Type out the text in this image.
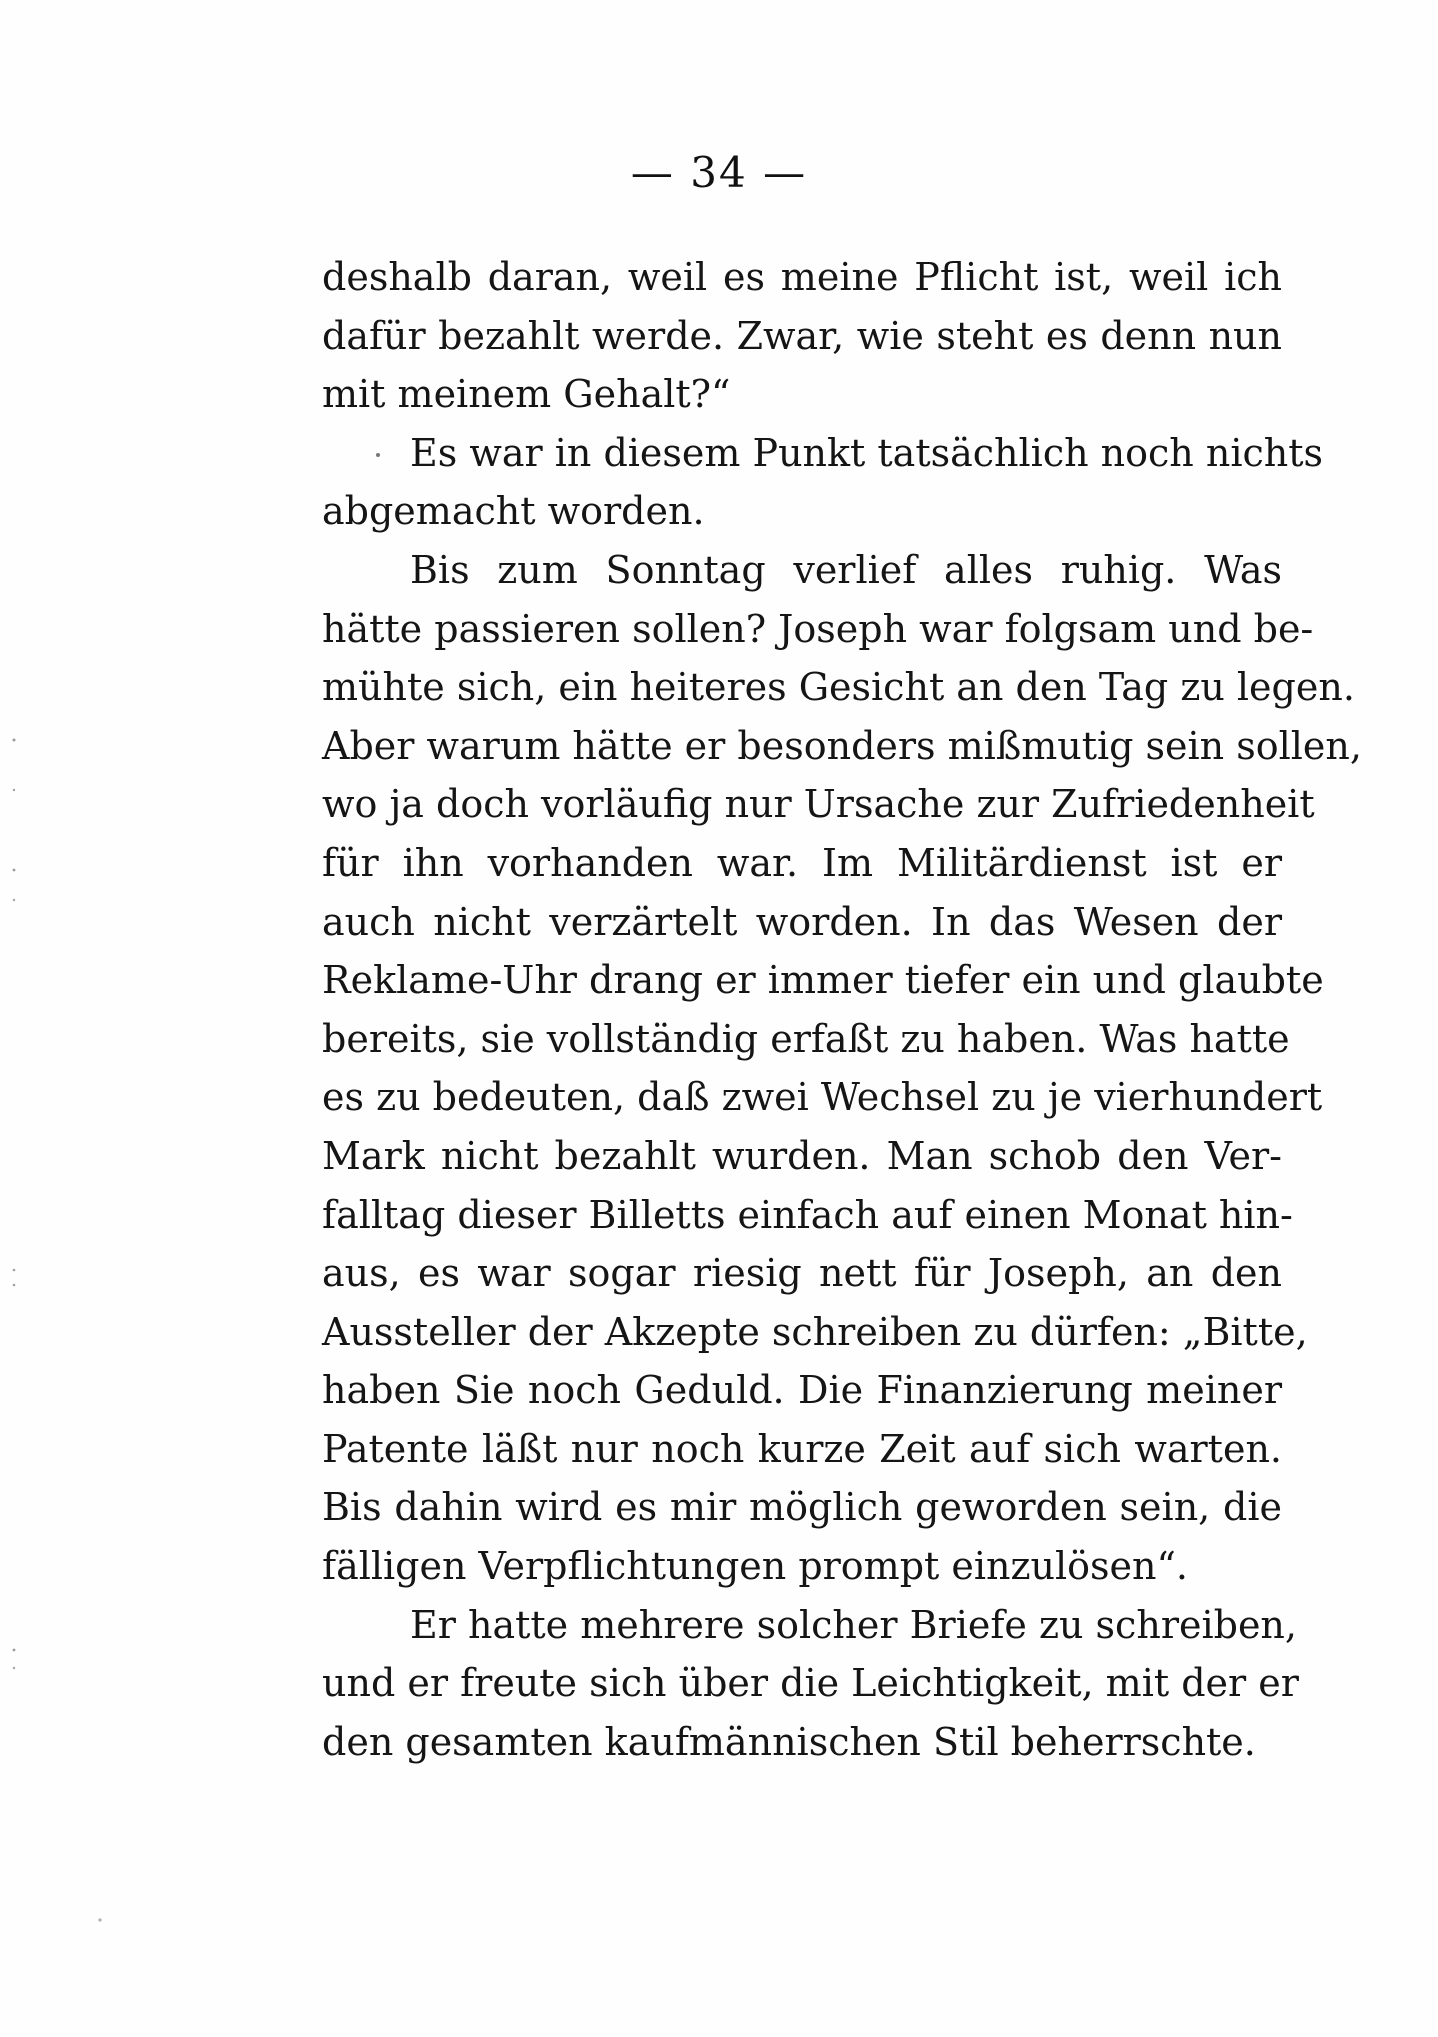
— 34 —
deshalb daran, weil es meine Pflicht ist, weil ich
dafür bezahlt werde. Zwar, wie steht es denn nun
mit meinem Gehalt?“
Es war in diesem Punkt tatsächlich noch nichts
abgemacht worden.
Bis zum Sonntag verlief alles ruhig. Was
hätte passieren sollen? Joseph war folgsam und be-
mühte sich, ein heiteres Gesicht an den Tag zu legen.
Aber warum hätte er besonders mißmutig sein sollen,
wo ja doch vorläufig nur Ursache zur Zufriedenheit
für ihn vorhanden war. Im Militärdienst ist er
auch nicht verzärtelt worden. In das Wesen der
Reklame-Uhr drang er immer tiefer ein und glaubte
bereits, sie vollständig erfaßt zu haben. Was hatte
es zu bedeuten, daß zwei Wechsel zu je vierhundert
Mark nicht bezahlt wurden. Man schob den Ver-
falltag dieser Billetts einfach auf einen Monat hin-
aus, es war sogar riesig nett für Joseph, an den
Aussteller der Akzepte schreiben zu dürfen: „Bitte,
haben Sie noch Geduld. Die Finanzierung meiner
Patente läßt nur noch kurze Zeit auf sich warten.
Bis dahin wird es mir möglich geworden sein, die
fälligen Verpflichtungen prompt einzulösen“.
Er hatte mehrere solcher Briefe zu schreiben,
und er freute sich über die Leichtigkeit, mit der er
den gesamten kaufmännischen Stil beherrschte.
